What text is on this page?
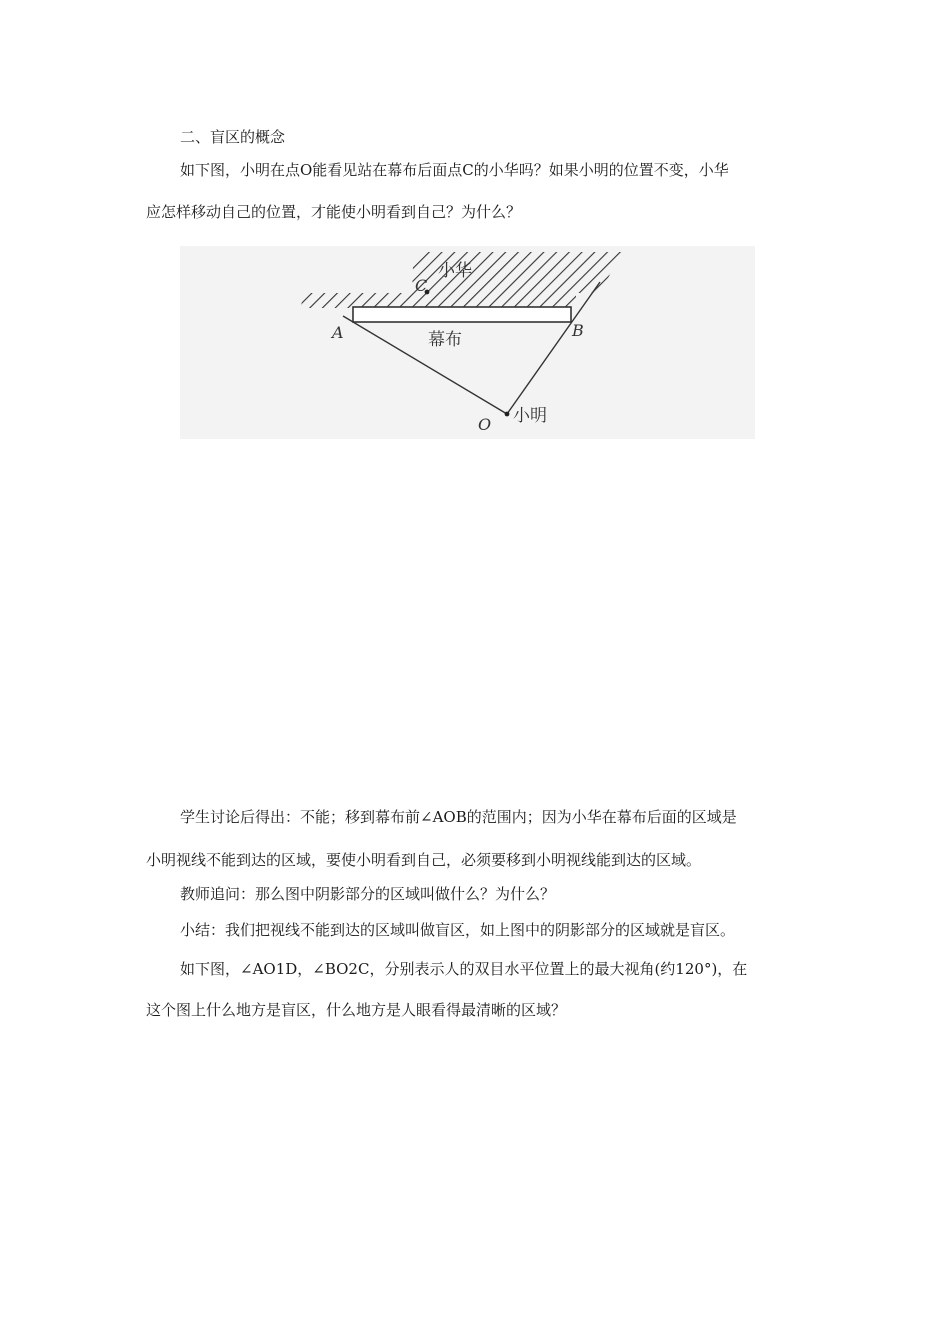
二、盲区的概念
如下图，小明在点O能看见站在幕布后面点C的小华吗？如果小明的位置不变，小华
应怎样移动自己的位置，才能使小明看到自己？为什么？
小华
C
A	B
幕布
O 小明
学生讨论后得出：不能；移到幕布前∠AOB的范围内；因为小华在幕布后面的区域是
小明视线不能到达的区域，要使小明看到自己，必须要移到小明视线能到达的区域。
教师追问：那么图中阴影部分的区域叫做什么？为什么？
小结：我们把视线不能到达的区域叫做盲区，如上图中的阴影部分的区域就是盲区。
如下图，∠AO1D，∠BO2C，分别表示人的双目水平位置上的最大视角(约120°)，在
这个图上什么地方是盲区，什么地方是人眼看得最清晰的区域？
